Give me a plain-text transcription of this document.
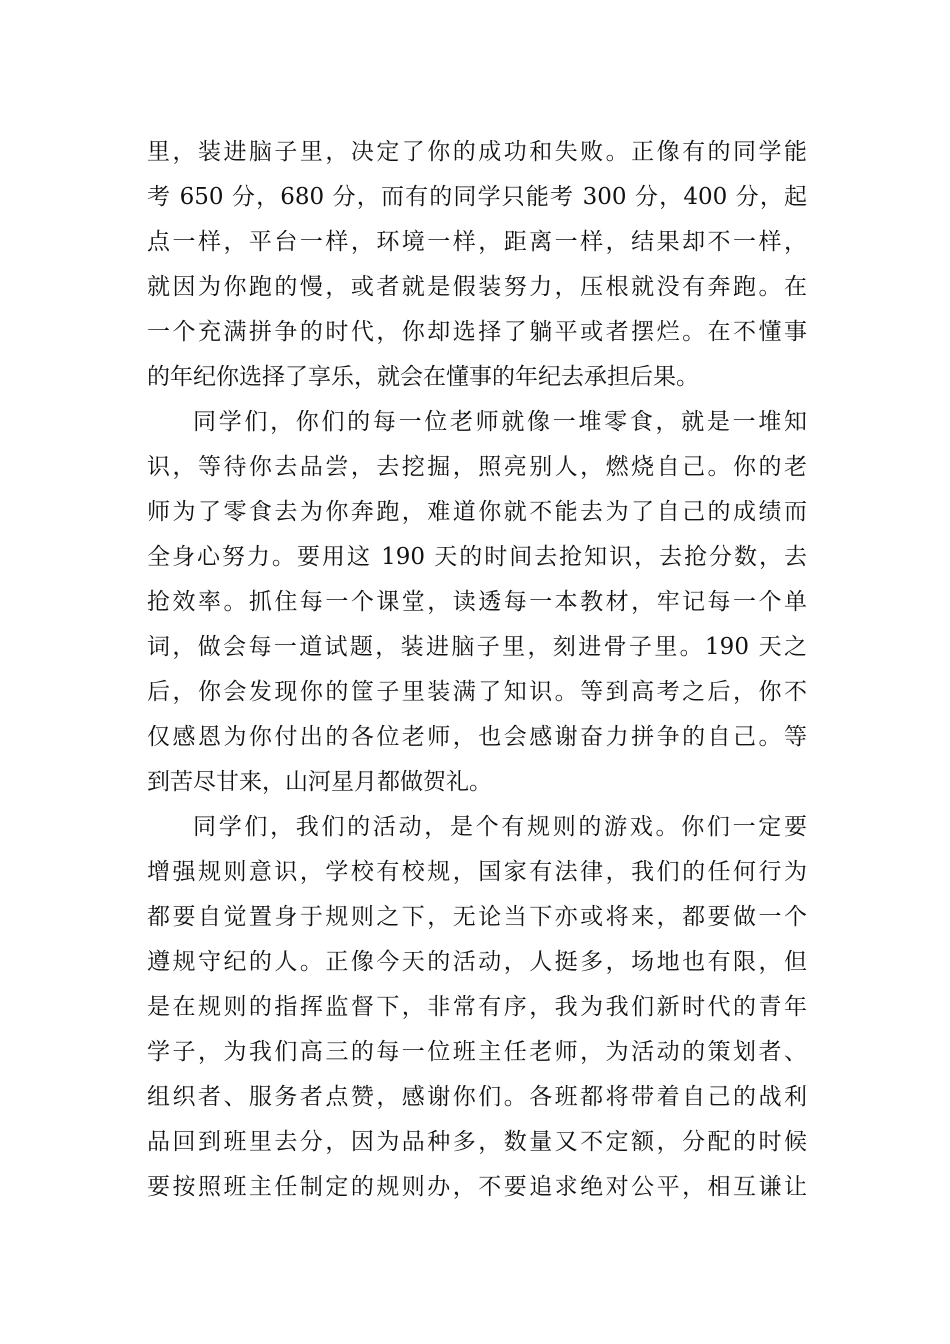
里，装进脑子里，决定了你的成功和失败。正像有的同学能
考 650 分，680 分，而有的同学只能考 300 分，400 分，起
点一样，平台一样，环境一样，距离一样，结果却不一样，
就因为你跑的慢，或者就是假装努力，压根就没有奔跑。在
一个充满拼争的时代，你却选择了躺平或者摆烂。在不懂事
的年纪你选择了享乐，就会在懂事的年纪去承担后果。
同学们，你们的每一位老师就像一堆零食，就是一堆知
识，等待你去品尝，去挖掘，照亮别人，燃烧自己。你的老
师为了零食去为你奔跑，难道你就不能去为了自己的成绩而
全身心努力。要用这 190 天的时间去抢知识，去抢分数，去
抢效率。抓住每一个课堂，读透每一本教材，牢记每一个单
词，做会每一道试题，装进脑子里，刻进骨子里。190 天之
后，你会发现你的筐子里装满了知识。等到高考之后，你不
仅感恩为你付出的各位老师，也会感谢奋力拼争的自己。等
到苦尽甘来，山河星月都做贺礼。
同学们，我们的活动，是个有规则的游戏。你们一定要
增强规则意识，学校有校规，国家有法律，我们的任何行为
都要自觉置身于规则之下，无论当下亦或将来，都要做一个
遵规守纪的人。正像今天的活动，人挺多，场地也有限，但
是在规则的指挥监督下，非常有序，我为我们新时代的青年
学子，为我们高三的每一位班主任老师，为活动的策划者、
组织者、服务者点赞，感谢你们。各班都将带着自己的战利
品回到班里去分，因为品种多，数量又不定额，分配的时候
要按照班主任制定的规则办，不要追求绝对公平，相互谦让
